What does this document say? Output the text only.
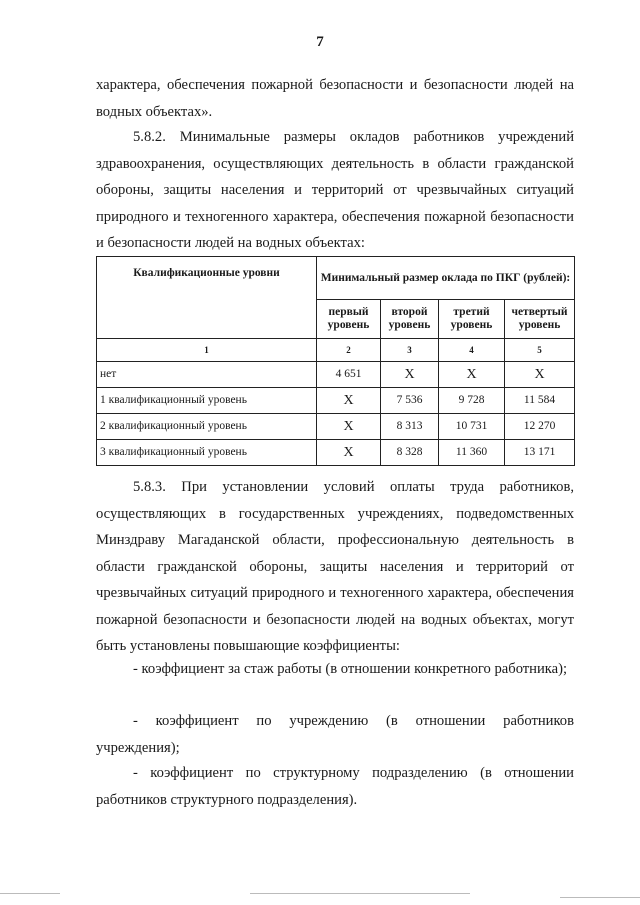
7

характера, обеспечения пожарной безопасности и безопасности людей на водных объектах».

5.8.2. Минимальные размеры окладов работников учреждений здравоохранения, осуществляющих деятельность в области гражданской обороны, защиты населения и территорий от чрезвычайных ситуаций природного и техногенного характера, обеспечения пожарной безопасности и безопасности людей на водных объектах:

Квалификационные уровни	Минимальный размер оклада по ПКГ (рублей):			
	первый уровень	второй уровень	третий уровень	четвертый уровень
1	2	3	4	5
нет	4 651	Х	Х	Х
1 квалификационный уровень	Х	7 536	9 728	11 584
2 квалификационный уровень	Х	8 313	10 731	12 270
3 квалификационный уровень	Х	8 328	11 360	13 171

5.8.3. При установлении условий оплаты труда работников, осуществляющих в государственных учреждениях, подведомственных Минздраву Магаданской области, профессиональную деятельность в области гражданской обороны, защиты населения и территорий от чрезвычайных ситуаций природного и техногенного характера, обеспечения пожарной безопасности и безопасности людей на водных объектах, могут быть установлены повышающие коэффициенты:

- коэффициент за стаж работы (в отношении конкретного работника);

- коэффициент по учреждению (в отношении работников учреждения);

- коэффициент по структурному подразделению (в отношении работников структурного подразделения).
